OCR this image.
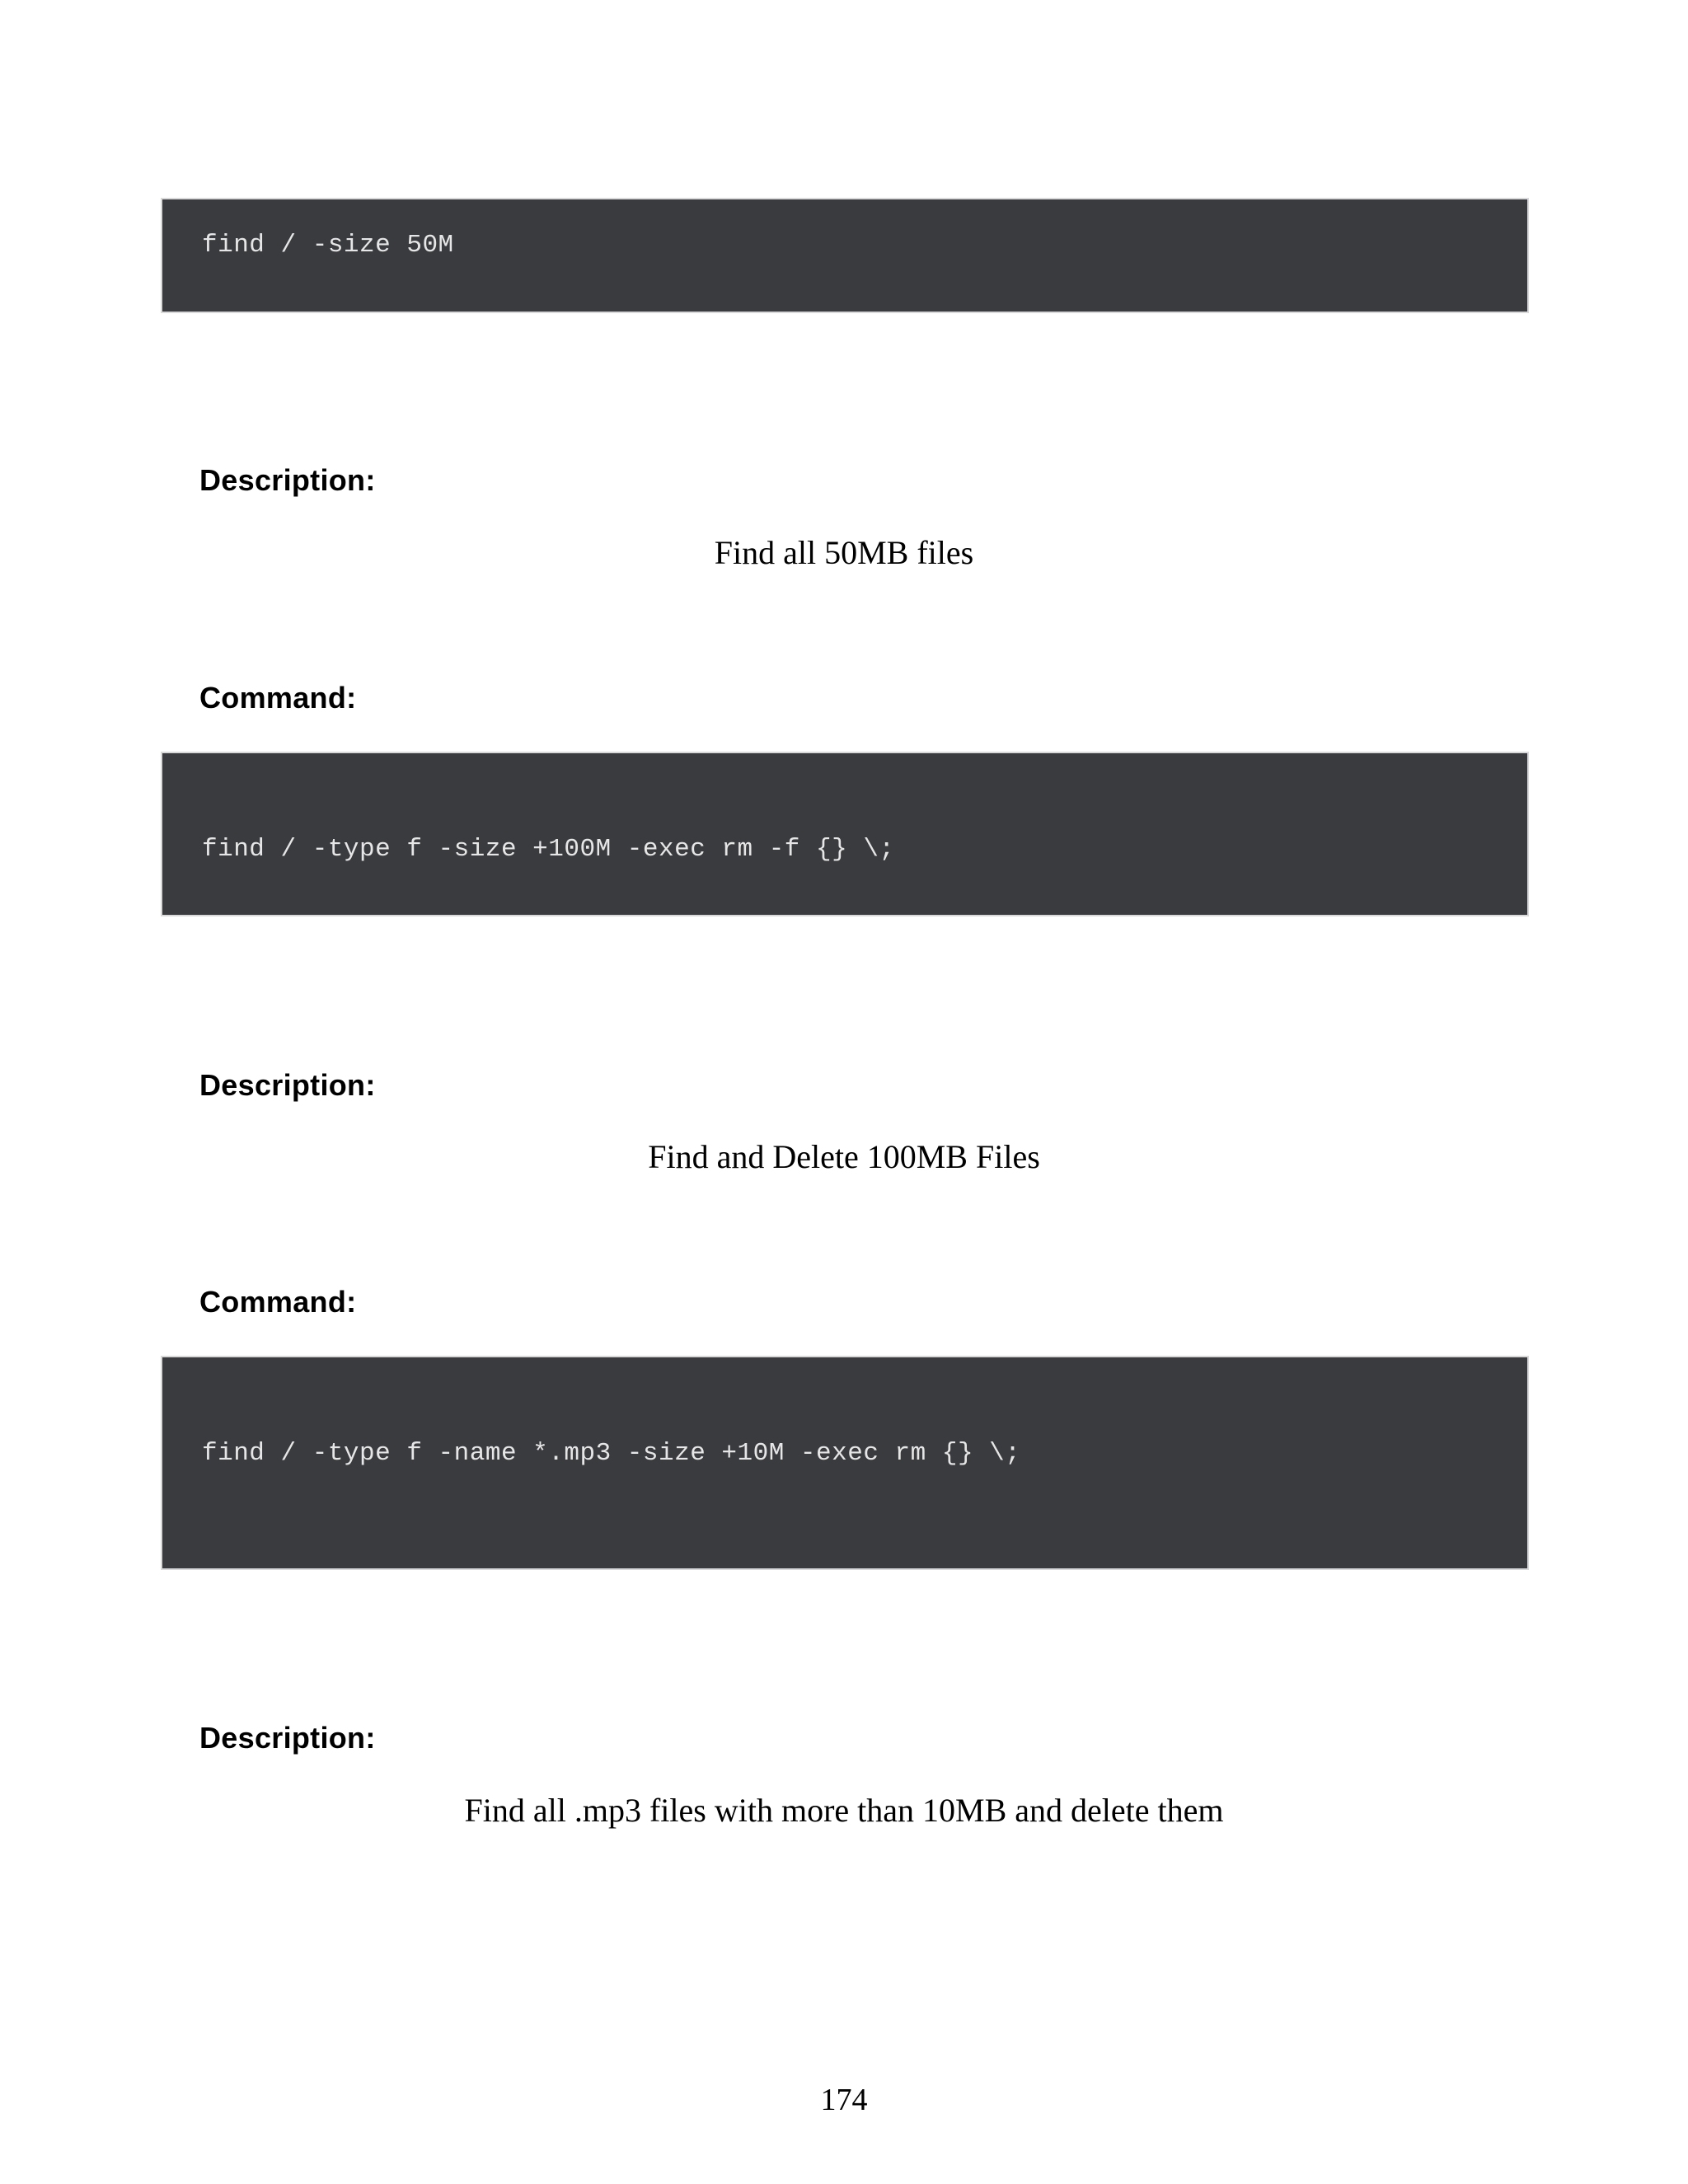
find / -size 50M

Description:
Find all 50MB files
Command:

find / -type f -size +100M -exec rm -f {} \;

Description:
Find and Delete 100MB Files
Command:

find / -type f -name *.mp3 -size +10M -exec rm {} \;

Description:
Find all .mp3 files with more than 10MB and delete them
174
